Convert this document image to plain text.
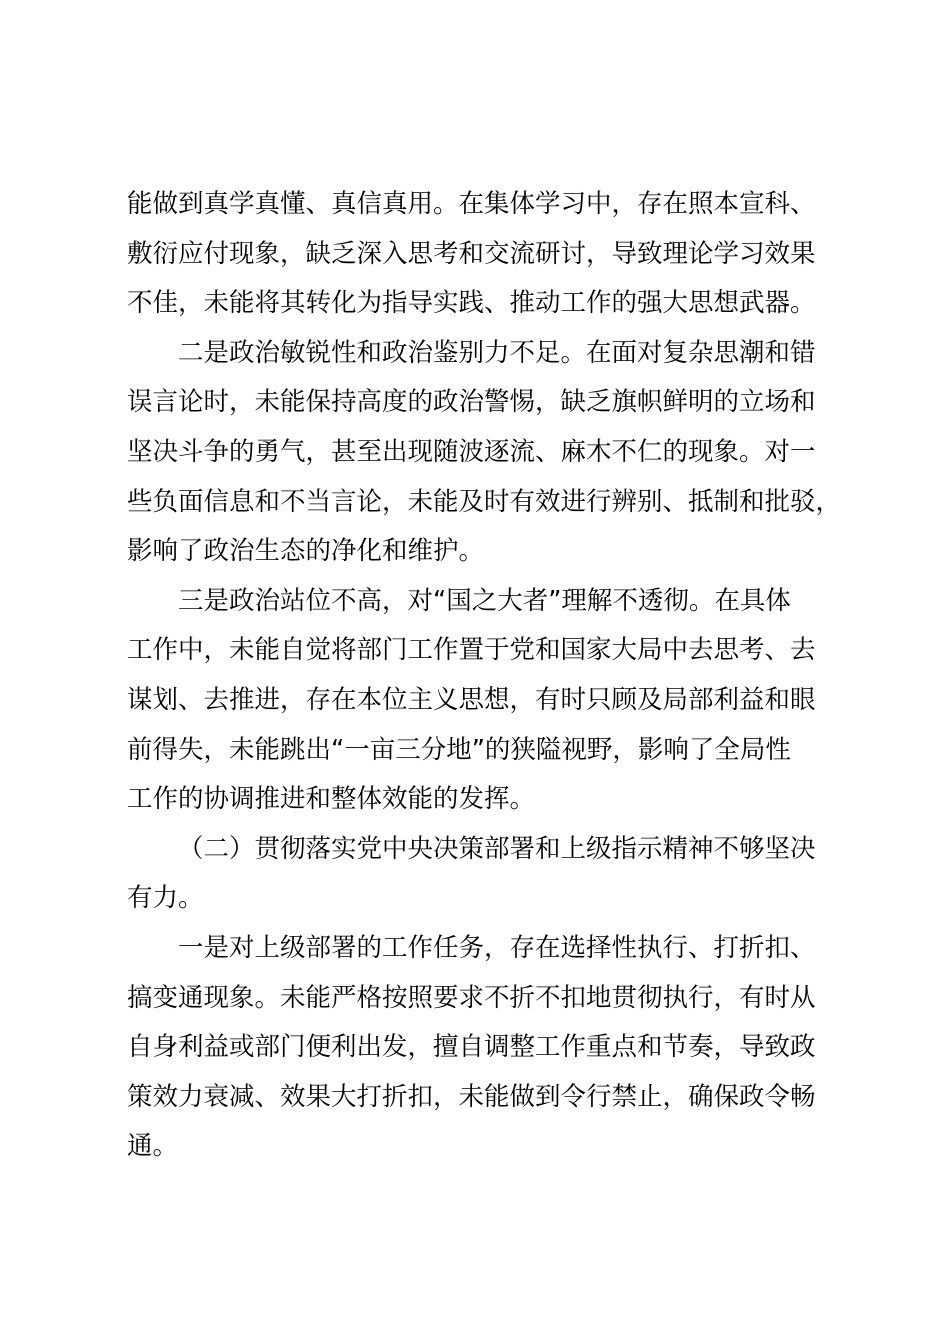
能做到真学真懂、真信真用。在集体学习中，存在照本宣科、
敷衍应付现象，缺乏深入思考和交流研讨，导致理论学习效果
不佳，未能将其转化为指导实践、推动工作的强大思想武器。
二是政治敏锐性和政治鉴别力不足。在面对复杂思潮和错
误言论时，未能保持高度的政治警惕，缺乏旗帜鲜明的立场和
坚决斗争的勇气，甚至出现随波逐流、麻木不仁的现象。对一
些负面信息和不当言论，未能及时有效进行辨别、抵制和批驳，
影响了政治生态的净化和维护。
三是政治站位不高，对“国之大者”理解不透彻。在具体
工作中，未能自觉将部门工作置于党和国家大局中去思考、去
谋划、去推进，存在本位主义思想，有时只顾及局部利益和眼
前得失，未能跳出“一亩三分地”的狭隘视野，影响了全局性
工作的协调推进和整体效能的发挥。
（二）贯彻落实党中央决策部署和上级指示精神不够坚决
有力。
一是对上级部署的工作任务，存在选择性执行、打折扣、
搞变通现象。未能严格按照要求不折不扣地贯彻执行，有时从
自身利益或部门便利出发，擅自调整工作重点和节奏，导致政
策效力衰减、效果大打折扣，未能做到令行禁止，确保政令畅
通。
